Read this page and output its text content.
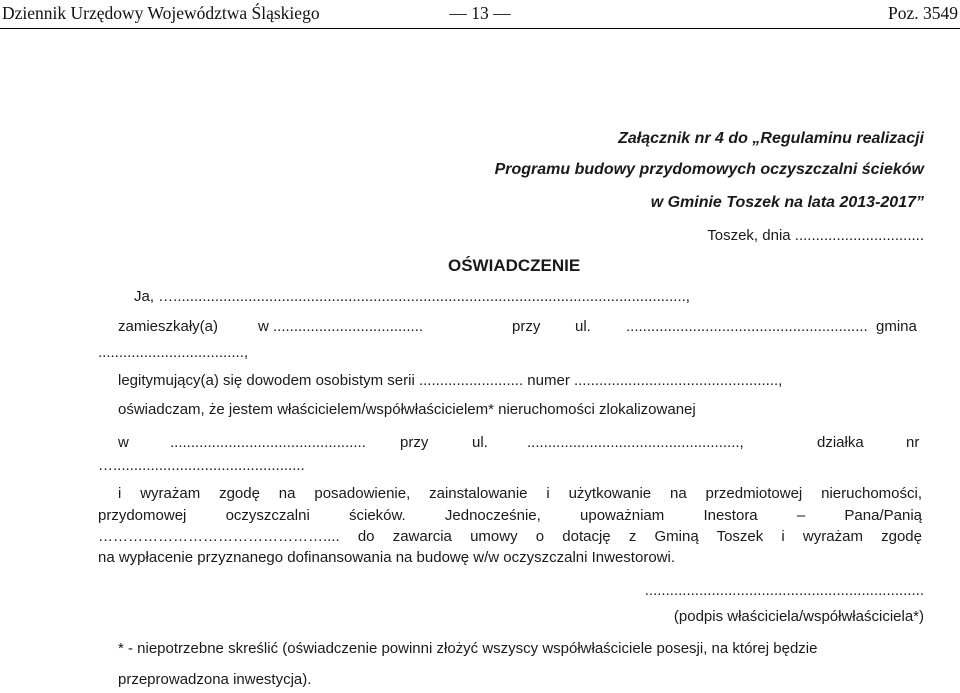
Dziennik Urzędowy Województwa Śląskiego	— 13 —	Poz. 3549
Załącznik nr 4 do „Regulaminu realizacji
Programu budowy przydomowych oczyszczalni ścieków
w Gminie Toszek na lata 2013-2017”
Toszek, dnia ...............................
OŚWIADCZENIE
Ja, …...........................................................................................................................,
zamieszkały(a)	w ....................................	przy ul. .......................................................... gmina
...................................,
legitymujący(a) się dowodem osobistym serii ......................... numer .................................................,
oświadczam, że jestem właścicielem/współwłaścicielem* nieruchomości zlokalizowanej
w	............................................... przy	ul.	...................................................,	działka	nr
…..............................................
i wyrażam zgodę na posadowienie, zainstalowanie i użytkowanie na przedmiotowej nieruchomości,
przydomowej oczyszczalni ścieków. Jednocześnie, upoważniam Inestora – Pana/Panią
……………………………………….... do zawarcia umowy o dotację z Gminą Toszek i wyrażam zgodę
na wypłacenie przyznanego dofinansowania na budowę w/w oczyszczalni Inwestorowi.
...................................................................
(podpis właściciela/współwłaściciela*)
* - niepotrzebne skreślić (oświadczenie powinni złożyć wszyscy współwłaściciele posesji, na której będzie
przeprowadzona inwestycja).
